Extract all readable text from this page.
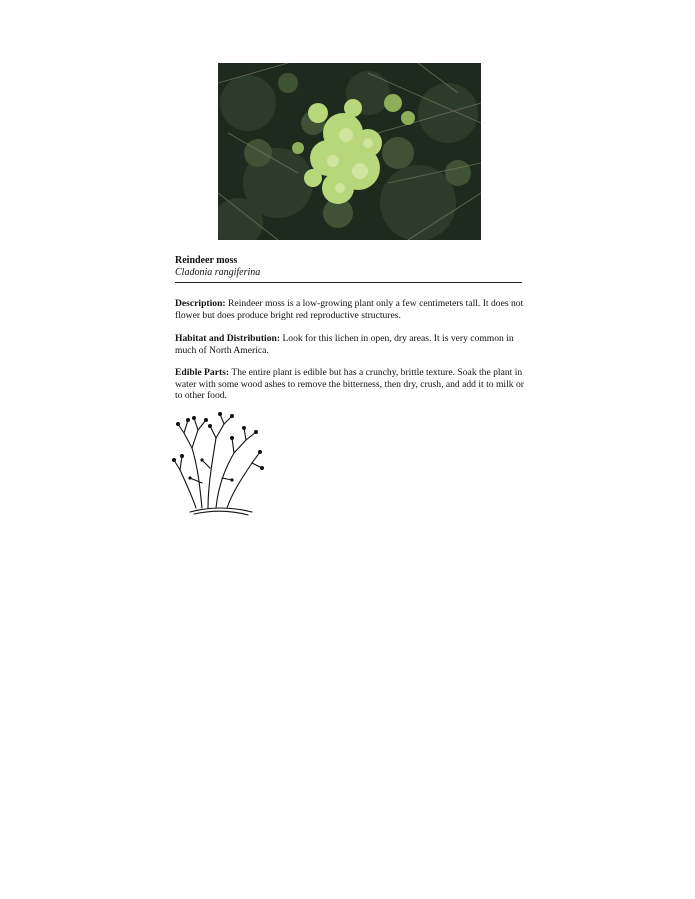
Reindeer moss
Cladonia rangiferina

Description: Reindeer moss is a low-growing plant only a few centimeters tall. It does not flower but does produce bright red reproductive structures.

Habitat and Distribution: Look for this lichen in open, dry areas. It is very common in much of North America.

Edible Parts: The entire plant is edible but has a crunchy, brittle texture. Soak the plant in water with some wood ashes to remove the bitterness, then dry, crush, and add it to milk or to other food.
